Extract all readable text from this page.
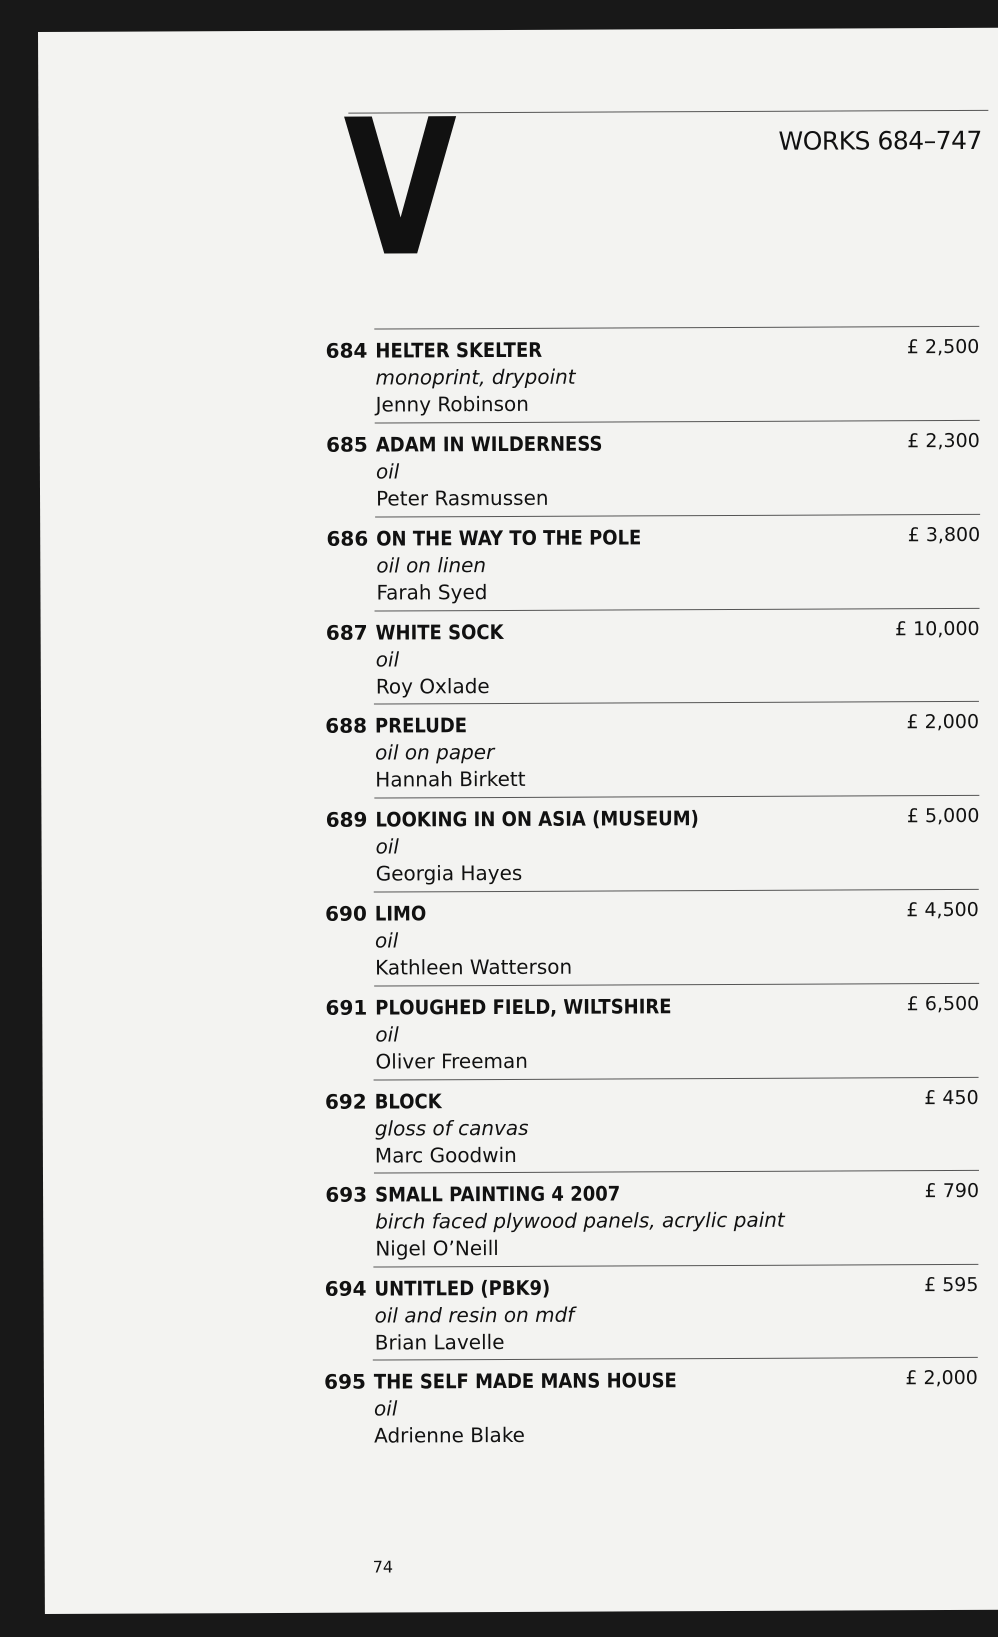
V	WORKS 684–747
684 HELTER SKELTER
monoprint, drypoint
Jenny Robinson
£ 2,500
685 ADAM IN WILDERNESS
oil
Peter Rasmussen
£ 2,300
686 ON THE WAY TO THE POLE
oil on linen
Farah Syed
£ 3,800
687 WHITE SOCK
oil
Roy Oxlade
£ 10,000
688 PRELUDE
oil on paper
Hannah Birkett
£ 2,000
689 LOOKING IN ON ASIA (MUSEUM)
oil
Georgia Hayes
£ 5,000
690 LIMO
oil
Kathleen Watterson
£ 4,500
691 PLOUGHED FIELD, WILTSHIRE
oil
Oliver Freeman
£ 6,500
692 BLOCK
gloss of canvas
Marc Goodwin
£ 450
693 SMALL PAINTING 4 2007
birch faced plywood panels, acrylic paint
Nigel O’Neill
£ 790
694 UNTITLED (PBK9)
oil and resin on mdf
Brian Lavelle
£ 595
695 THE SELF MADE MANS HOUSE
oil
Adrienne Blake
£ 2,000
74
